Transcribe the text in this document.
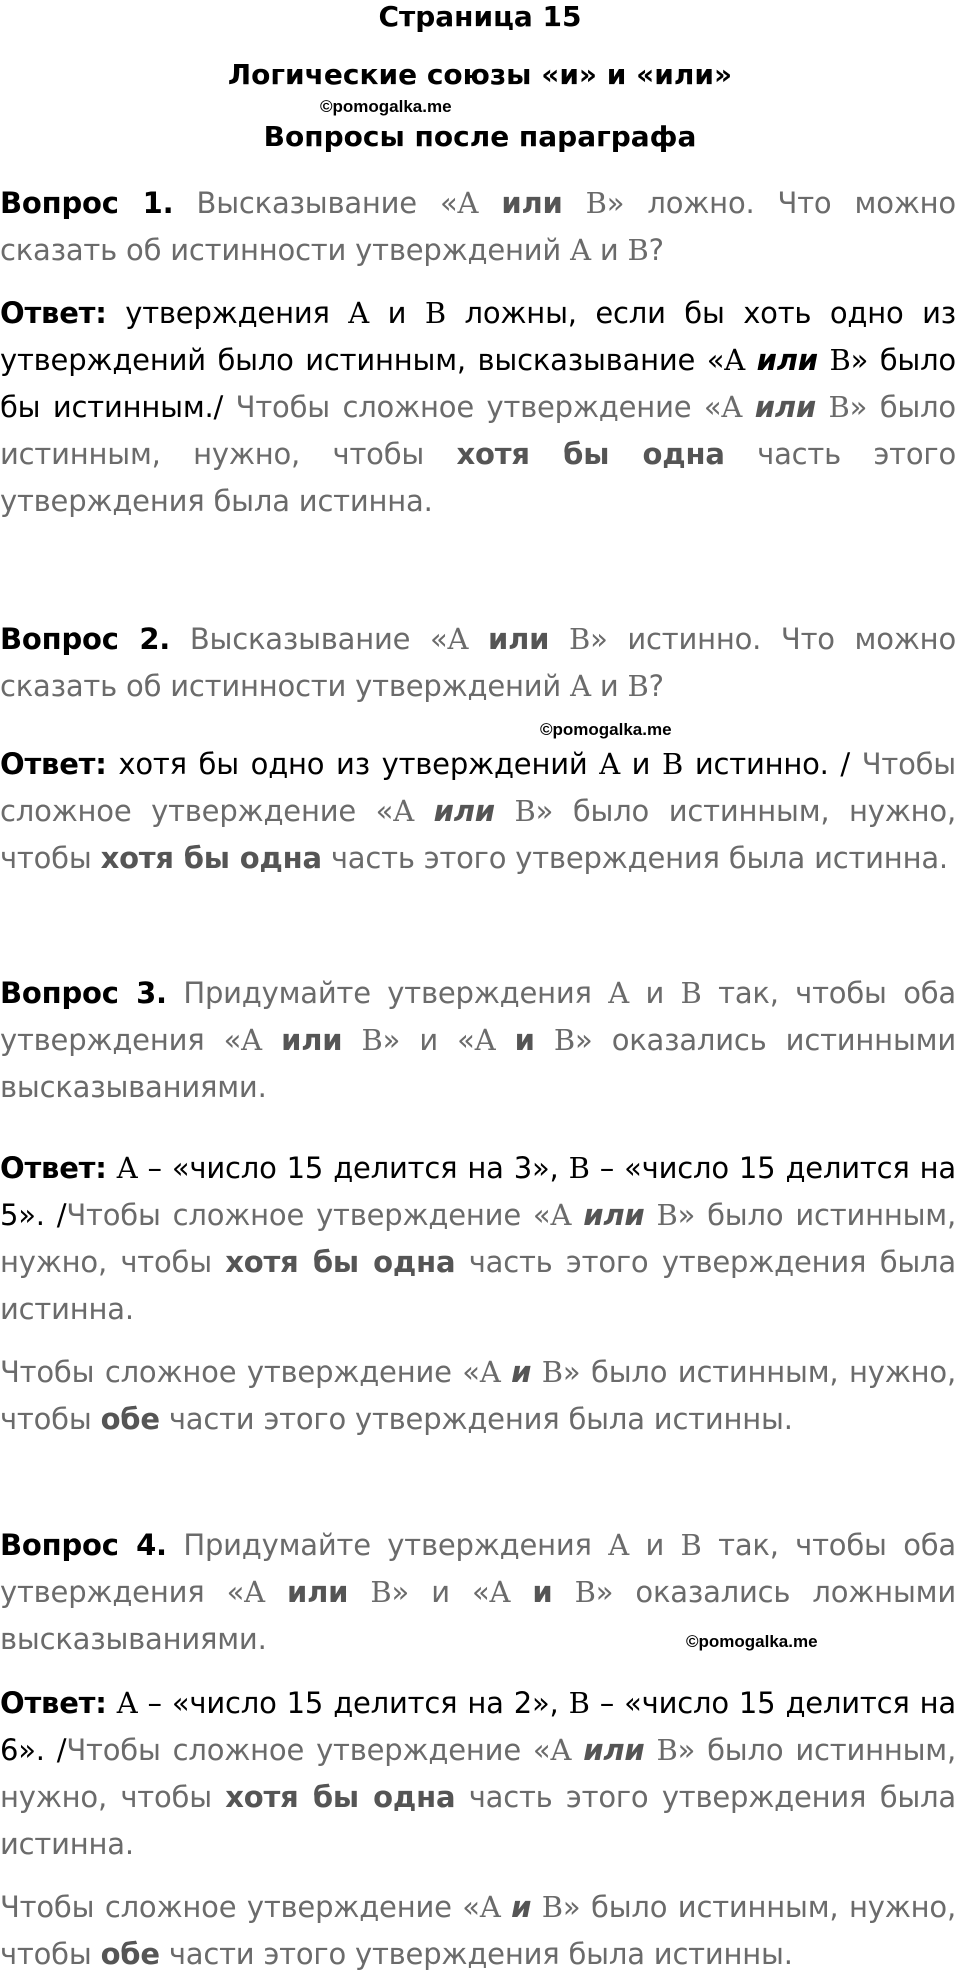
Страница 15
Логические союзы «и» и «или»
©pomogalka.me
Вопросы после параграфа

Вопрос 1. Высказывание «A или B» ложно. Что можно сказать об истинности утверждений A и B?

Ответ: утверждения A и B ложны, если бы хоть одно из утверждений было истинным, высказывание «A или B» было бы истинным./ Чтобы сложное утверждение «A или B» было истинным, нужно, чтобы хотя бы одна часть этого утверждения была истинна.

Вопрос 2. Высказывание «A или B» истинно. Что можно сказать об истинности утверждений A и B?

©pomogalka.me

Ответ: хотя бы одно из утверждений A и B истинно. / Чтобы сложное утверждение «A или B» было истинным, нужно, чтобы хотя бы одна часть этого утверждения была истинна.

Вопрос 3. Придумайте утверждения A и B так, чтобы оба утверждения «A или B» и «A и B» оказались истинными высказываниями.

Ответ: A – «число 15 делится на 3», B – «число 15 делится на 5». /Чтобы сложное утверждение «A или B» было истинным, нужно, чтобы хотя бы одна часть этого утверждения была истинна.

Чтобы сложное утверждение «A и B» было истинным, нужно, чтобы обе части этого утверждения была истинны.

Вопрос 4. Придумайте утверждения A и B так, чтобы оба утверждения «A или B» и «A и B» оказались ложными высказываниями.	©pomogalka.me

Ответ: A – «число 15 делится на 2», B – «число 15 делится на 6». /Чтобы сложное утверждение «A или B» было истинным, нужно, чтобы хотя бы одна часть этого утверждения была истинна.

Чтобы сложное утверждение «A и B» было истинным, нужно, чтобы обе части этого утверждения была истинны.
